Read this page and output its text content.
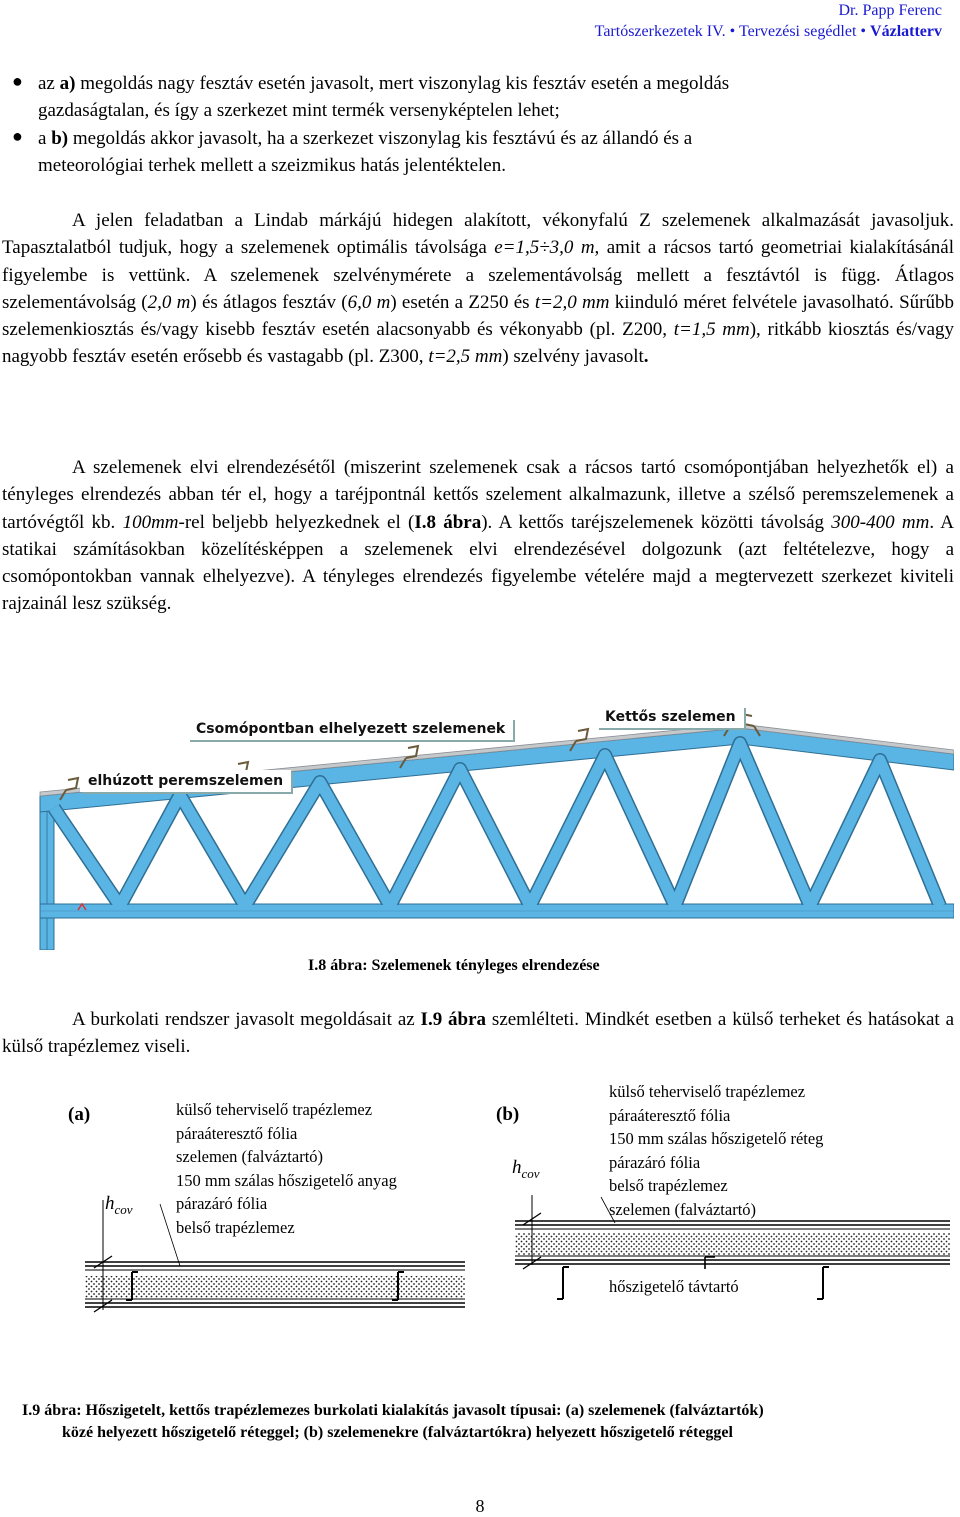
Dr. Papp Ferenc
Tartószerkezetek IV. • Tervezési segédlet • Vázlatterv
● az a) megoldás nagy fesztáv esetén javasolt, mert viszonylag kis fesztáv esetén a megoldás
gazdaságtalan, és így a szerkezet mint termék versenyképtelen lehet;
● a b) megoldás akkor javasolt, ha a szerkezet viszonylag kis fesztávú és az állandó és a
meteorológiai terhek mellett a szeizmikus hatás jelentéktelen.

A jelen feladatban a Lindab márkájú hidegen alakított, vékonyfalú Z szelemenek alkalmazását javasoljuk. Tapasztalatból tudjuk, hogy a szelemenek optimális távolsága e=1,5÷3,0 m, amit a rácsos tartó geometriai kialakításánál figyelembe is vettünk. A szelemenek szelvénymérete a szelementávolság mellett a fesztávtól is függ. Átlagos szelementávolság (2,0 m) és átlagos fesztáv (6,0 m) esetén a Z250 és t=2,0 mm kiinduló méret felvétele javasolható. Sűrűbb szelemenkiosztás és/vagy kisebb fesztáv esetén alacsonyabb és vékonyabb (pl. Z200, t=1,5 mm), ritkább kiosztás és/vagy nagyobb fesztáv esetén erősebb és vastagabb (pl. Z300, t=2,5 mm) szelvény javasolt.

A szelemenek elvi elrendezésétől (miszerint szelemenek csak a rácsos tartó csomópontjában helyezhetők el) a tényleges elrendezés abban tér el, hogy a taréjpontnál kettős szelement alkalmazunk, illetve a szélső peremszelemenek a tartóvégtől kb. 100mm-rel beljebb helyezkednek el (I.8 ábra). A kettős taréjszelemenek közötti távolság 300-400 mm. A statikai számításokban közelítésképpen a szelemenek elvi elrendezésével dolgozunk (azt feltételezve, hogy a csomópontokban vannak elhelyezve). A tényleges elrendezés figyelembe vételére majd a megtervezett szerkezet kiviteli rajzainál lesz szükség.

Csomópontban elhelyezett szelemenek
Kettős szelemen
elhúzott peremszelemen
I.8 ábra: Szelemenek tényleges elrendezése

A burkolati rendszer javasolt megoldásait az I.9 ábra szemlélteti. Mindkét esetben a külső terheket és hatásokat a külső trapézlemez viseli.

(a)
$h_{cov}$
külső teherviselő trapézlemez
páraáteresztő fólia
szelemen (falváztartó)
150 mm szálas hőszigetelő anyag
párazáró fólia
belső trapézlemez
(b)
$h_{cov}$
külső teherviselő trapézlemez
páraáteresztő fólia
150 mm szálas hőszigetelő réteg
párazáró fólia
belső trapézlemez
szelemen (falváztartó)
hőszigetelő távtartó
I.9 ábra: Hőszigetelt, kettős trapézlemezes burkolati kialakítás javasolt típusai: (a) szelemenek (falváztartók)
közé helyezett hőszigetelő réteggel; (b) szelemenekre (falváztartókra) helyezett hőszigetelő réteggel
8
